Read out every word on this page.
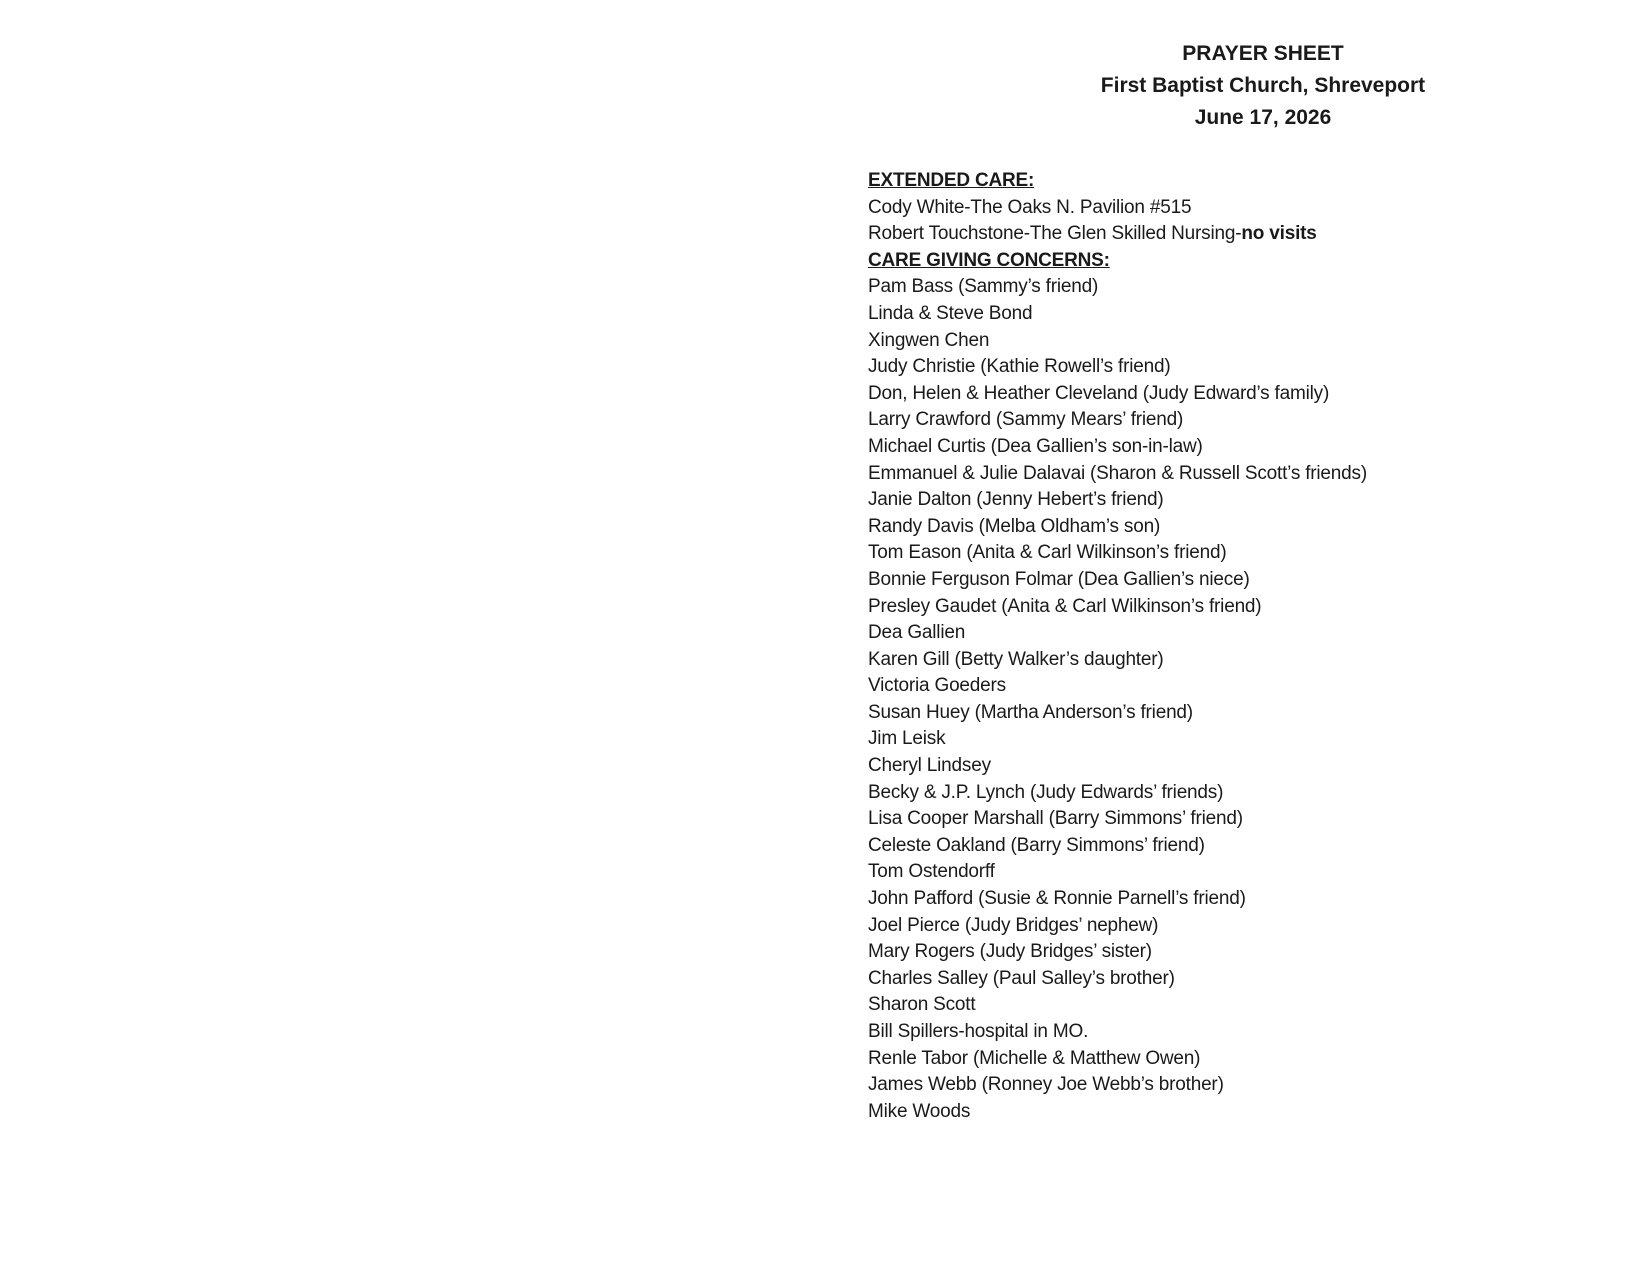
PRAYER SHEET
First Baptist Church, Shreveport
June 17, 2026
EXTENDED CARE:
Cody White-The Oaks N. Pavilion #515
Robert Touchstone-The Glen Skilled Nursing-no visits
CARE GIVING CONCERNS:
Pam Bass (Sammy’s friend)
Linda & Steve Bond
Xingwen Chen
Judy Christie (Kathie Rowell’s friend)
Don, Helen & Heather Cleveland (Judy Edward’s family)
Larry Crawford (Sammy Mears’ friend)
Michael Curtis (Dea Gallien’s son-in-law)
Emmanuel & Julie Dalavai (Sharon & Russell Scott’s friends)
Janie Dalton (Jenny Hebert’s friend)
Randy Davis (Melba Oldham’s son)
Tom Eason (Anita & Carl Wilkinson’s friend)
Bonnie Ferguson Folmar (Dea Gallien’s niece)
Presley Gaudet (Anita & Carl Wilkinson’s friend)
Dea Gallien
Karen Gill (Betty Walker’s daughter)
Victoria Goeders
Susan Huey (Martha Anderson’s friend)
Jim Leisk
Cheryl Lindsey
Becky & J.P. Lynch (Judy Edwards’ friends)
Lisa Cooper Marshall (Barry Simmons’ friend)
Celeste Oakland (Barry Simmons’ friend)
Tom Ostendorff
John Pafford (Susie & Ronnie Parnell’s friend)
Joel Pierce (Judy Bridges’ nephew)
Mary Rogers (Judy Bridges’ sister)
Charles Salley (Paul Salley’s brother)
Sharon Scott
Bill Spillers-hospital in MO.
Renle Tabor (Michelle & Matthew Owen)
James Webb (Ronney Joe Webb’s brother)
Mike Woods
